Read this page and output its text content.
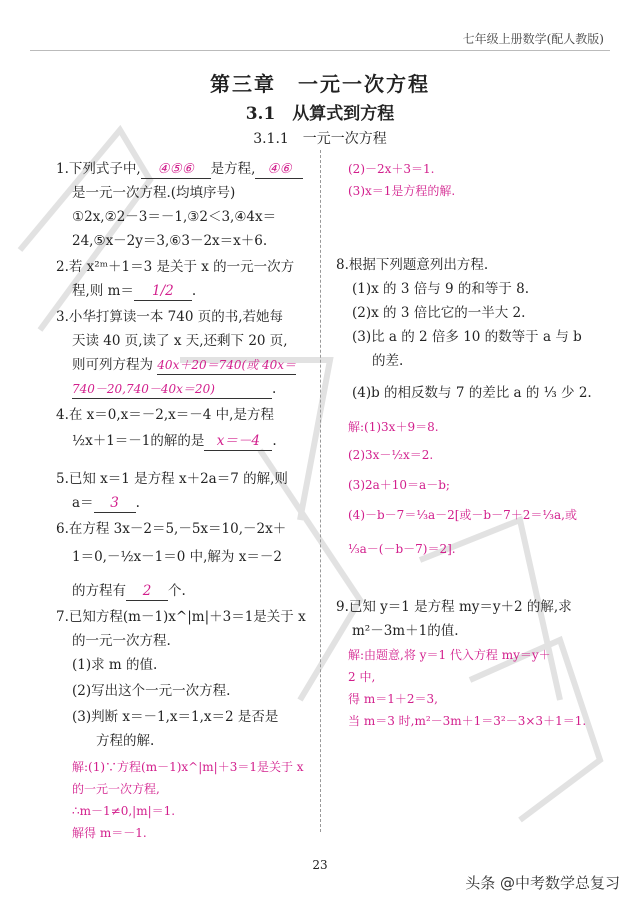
七年级上册数学(配人教版)
第三章　一元一次方程
3.1　从算式到方程
3.1.1　一元一次方程
1.下列式子中, ④⑤⑥ 是方程, ④⑥
是一元一次方程.(均填序号)
①2x,②2－3＝－1,③2＜3,④4x＝
24,⑤x－2y＝3,⑥3－2x＝x＋6.
2.若 x²ᵐ＋1＝3 是关于 x 的一元一次方
程,则 m＝ 1/2 .
3.小华打算读一本 740 页的书,若她每
天读 40 页,读了 x 天,还剩下 20 页,
则可列方程为 40x＋20＝740(或 40x＝
740－20,740－40x＝20)	.
4.在 x＝0,x＝－2,x＝－4 中,是方程
½x＋1＝－1的解的是 x＝－4 .
5.已知 x＝1 是方程 x＋2a＝7 的解,则
a＝ 3 .
6.在方程 3x－2＝5,－5x＝10,－2x＋
1＝0,－½x－1＝0 中,解为 x＝－2
的方程有 2 个.
7.已知方程(m－1)x^|m|＋3＝1是关于 x
的一元一次方程.
(1)求 m 的值.
(2)写出这个一元一次方程.
(3)判断 x＝－1,x＝1,x＝2 是否是
方程的解.
解:(1)∵方程(m－1)x^|m|＋3＝1是关于 x
的一元一次方程,
∴m－1≠0,|m|＝1.
解得 m＝－1.
(2)－2x＋3＝1.
(3)x＝1是方程的解.
8.根据下列题意列出方程.
(1)x 的 3 倍与 9 的和等于 8.
(2)x 的 3 倍比它的一半大 2.
(3)比 a 的 2 倍多 10 的数等于 a 与 b
的差.
(4)b 的相反数与 7 的差比 a 的 ⅓ 少 2.
解:(1)3x＋9＝8.
(2)3x－½x＝2.
(3)2a＋10＝a－b;
(4)－b－7＝⅓a－2[或－b－7＋2＝⅓a,或
⅓a－(－b－7)＝2].
9.已知 y＝1 是方程 my＝y＋2 的解,求
m²－3m＋1的值.
解:由题意,将 y＝1 代入方程 my＝y＋
2 中,
得 m＝1＋2＝3,
当 m＝3 时,m²－3m＋1＝3²－3×3＋1＝1.
23
头条 @中考数学总复习
